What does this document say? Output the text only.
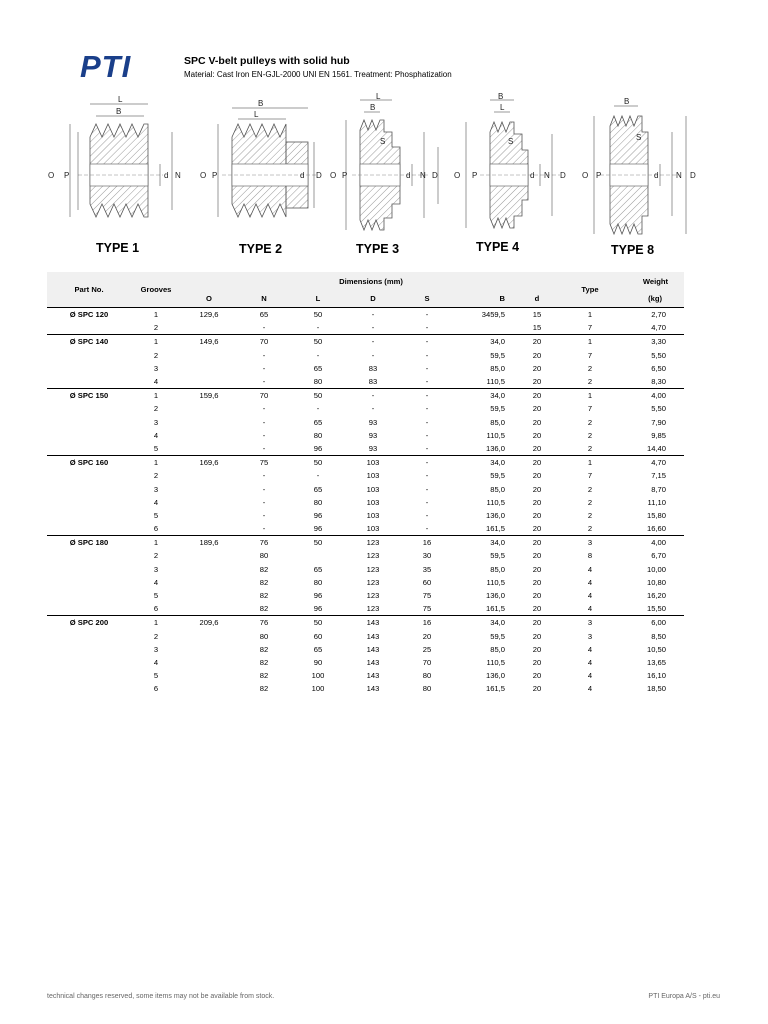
PTI	SPC V-belt pulleys with solid hub
Material: Cast Iron EN-GJL-2000 UNI EN 1561. Treatment: Phosphatization
L
B
O P	d N
TYPE 1
B
L
O P	d D
TYPE 2
L
B
S
O P	d N D
TYPE 3
B
L
S
O P	d N D
TYPE 4
B
S
O P	d N D
TYPE 8
Part No.	Grooves	Dimensions (mm)							Type	Weight
		O	N	L	D	S	B	d		(kg)
Ø SPC 120	1	129,6	65	50	-	-	3459,5	15	1	2,70
	2		-	-	-	-		15	7	4,70
Ø SPC 140	1	149,6	70	50	-	-	34,0	20	1	3,30
	2		-	-	-	-	59,5	20	7	5,50
	3		-	65	83	-	85,0	20	2	6,50
	4		-	80	83	-	110,5	20	2	8,30
Ø SPC 150	1	159,6	70	50	-	-	34,0	20	1	4,00
	2		-	-	-	-	59,5	20	7	5,50
	3		-	65	93	-	85,0	20	2	7,90
	4		-	80	93	-	110,5	20	2	9,85
	5		-	96	93	-	136,0	20	2	14,40
Ø SPC 160	1	169,6	75	50	103	-	34,0	20	1	4,70
	2		-	-	103	-	59,5	20	7	7,15
	3		-	65	103	-	85,0	20	2	8,70
	4		-	80	103	-	110,5	20	2	11,10
	5		-	96	103	-	136,0	20	2	15,80
	6		-	96	103	-	161,5	20	2	16,60
Ø SPC 180	1	189,6	76	50	123	16	34,0	20	3	4,00
	2		80		123	30	59,5	20	8	6,70
	3		82	65	123	35	85,0	20	4	10,00
	4		82	80	123	60	110,5	20	4	10,80
	5		82	96	123	75	136,0	20	4	16,20
	6		82	96	123	75	161,5	20	4	15,50
Ø SPC 200	1	209,6	76	50	143	16	34,0	20	3	6,00
	2		80	60	143	20	59,5	20	3	8,50
	3		82	65	143	25	85,0	20	4	10,50
	4		82	90	143	70	110,5	20	4	13,65
	5		82	100	143	80	136,0	20	4	16,10
	6		82	100	143	80	161,5	20	4	18,50
technical changes reserved, some items may not be available from stock.	PTI Europa A/S - pti.eu
